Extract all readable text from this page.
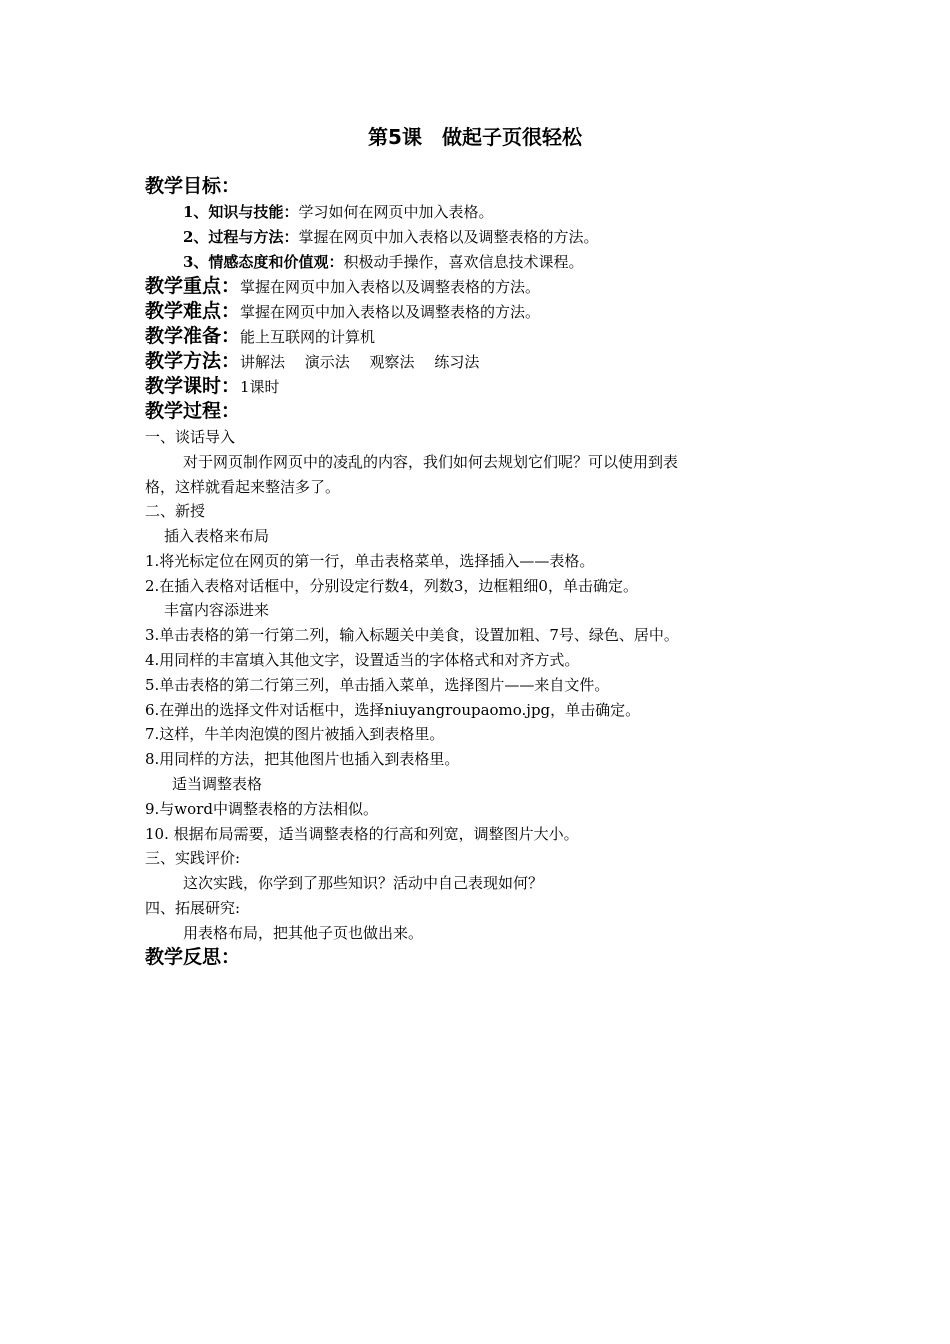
第5课　做起子页很轻松
教学目标：
1、知识与技能：学习如何在网页中加入表格。
2、过程与方法：掌握在网页中加入表格以及调整表格的方法。
3、情感态度和价值观：积极动手操作，喜欢信息技术课程。
教学重点：掌握在网页中加入表格以及调整表格的方法。
教学难点：掌握在网页中加入表格以及调整表格的方法。
教学准备：能上互联网的计算机
教学方法：讲解法　 演示法　 观察法　 练习法
教学课时：1课时
教学过程：
一、谈话导入
对于网页制作网页中的凌乱的内容，我们如何去规划它们呢？可以使用到表
格，这样就看起来整洁多了。
二、新授
插入表格来布局
1.将光标定位在网页的第一行，单击表格菜单，选择插入——表格。
2.在插入表格对话框中，分别设定行数4，列数3，边框粗细0，单击确定。
丰富内容添进来
3.单击表格的第一行第二列，输入标题关中美食，设置加粗、7号、绿色、居中。
4.用同样的丰富填入其他文字，设置适当的字体格式和对齐方式。
5.单击表格的第二行第三列，单击插入菜单，选择图片——来自文件。
6.在弹出的选择文件对话框中，选择niuyangroupaomo.jpg，单击确定。
7.这样，牛羊肉泡馍的图片被插入到表格里。
8.用同样的方法，把其他图片也插入到表格里。
适当调整表格
9.与word中调整表格的方法相似。
10. 根据布局需要，适当调整表格的行高和列宽，调整图片大小。
三、实践评价:
这次实践，你学到了那些知识？活动中自己表现如何？
四、拓展研究:
用表格布局，把其他子页也做出来。
教学反思：
